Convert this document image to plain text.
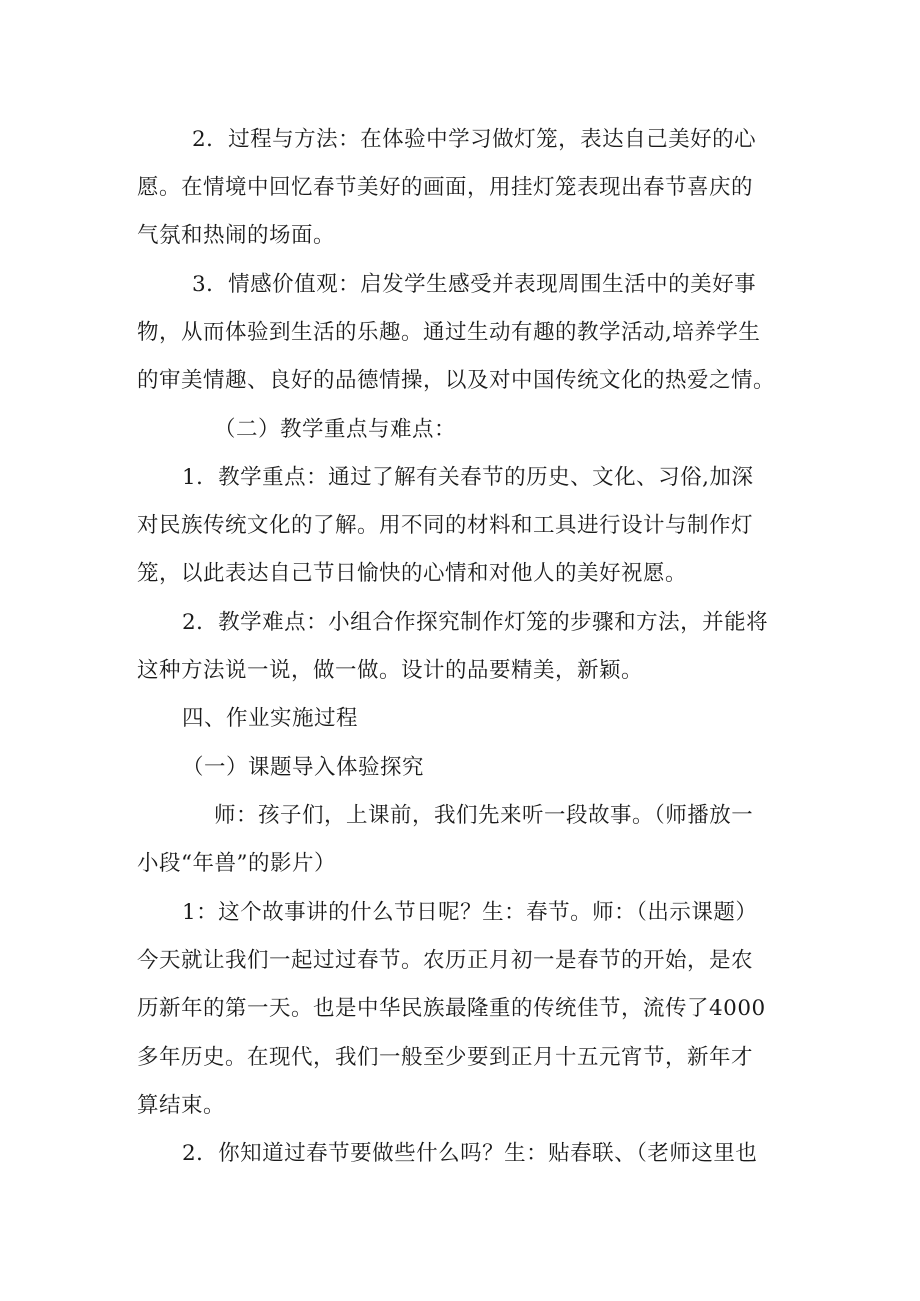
2．过程与方法：在体验中学习做灯笼，表达自己美好的心
愿。在情境中回忆春节美好的画面，用挂灯笼表现出春节喜庆的
气氛和热闹的场面。
3．情感价值观：启发学生感受并表现周围生活中的美好事
物，从而体验到生活的乐趣。通过生动有趣的教学活动,培养学生
的审美情趣、良好的品德情操，以及对中国传统文化的热爱之情。
（二）教学重点与难点：
1．教学重点：通过了解有关春节的历史、文化、习俗,加深
对民族传统文化的了解。用不同的材料和工具进行设计与制作灯
笼，以此表达自己节日愉快的心情和对他人的美好祝愿。
2．教学难点：小组合作探究制作灯笼的步骤和方法，并能将
这种方法说一说，做一做。设计的品要精美，新颖。
四、作业实施过程
（一）课题导入体验探究
师：孩子们，上课前，我们先来听一段故事。（师播放一
小段“年兽”的影片）
1：这个故事讲的什么节日呢？生：春节。师：（出示课题）
今天就让我们一起过过春节。农历正月初一是春节的开始，是农
历新年的第一天。也是中华民族最隆重的传统佳节，流传了4000
多年历史。在现代，我们一般至少要到正月十五元宵节，新年才
算结束。
2．你知道过春节要做些什么吗？生：贴春联、（老师这里也
